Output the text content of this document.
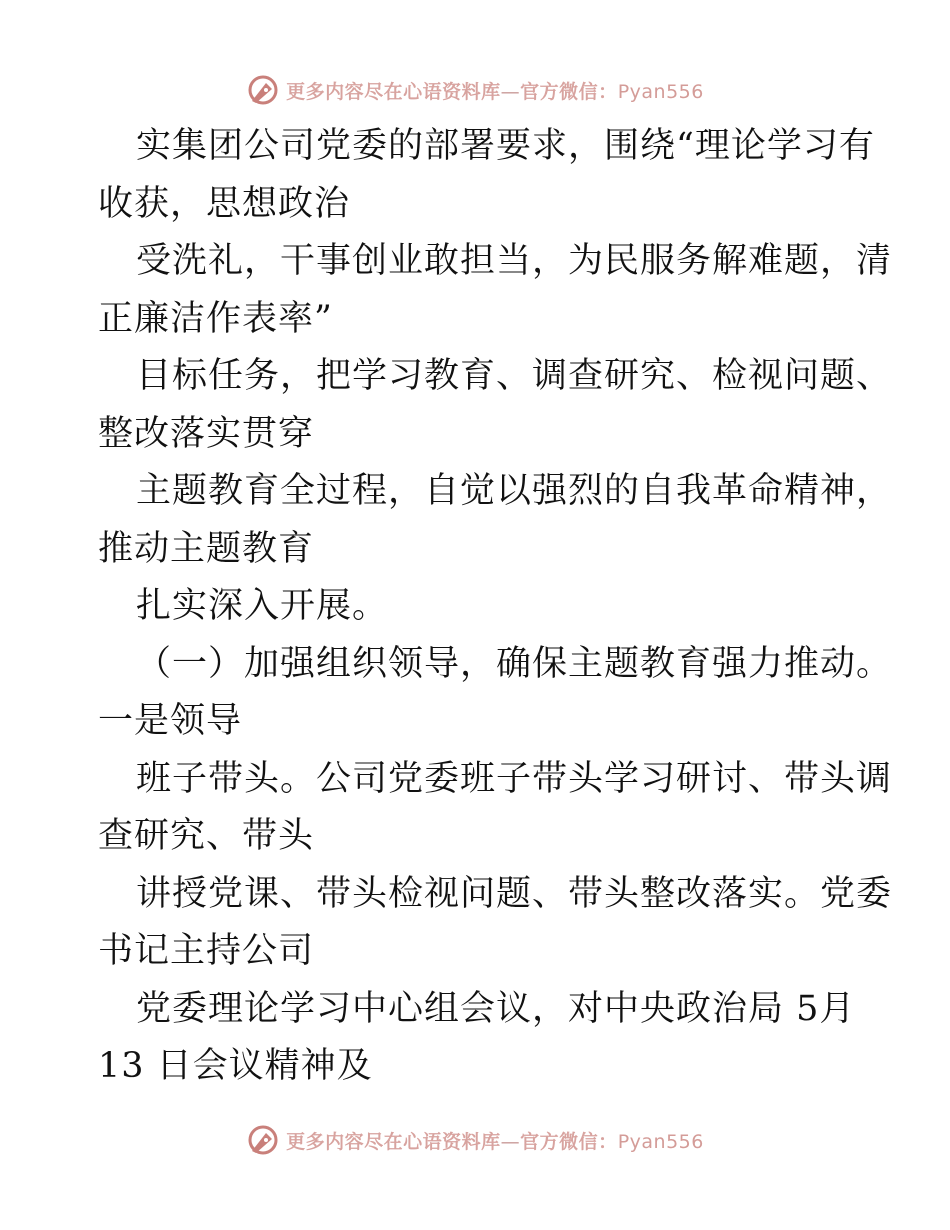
更多内容尽在心语资料库—官方微信：Pyan556
实集团公司党委的部署要求，围绕“理论学习有
收获，思想政治
受洗礼，干事创业敢担当，为民服务解难题，清
正廉洁作表率”
目标任务，把学习教育、调查研究、检视问题、
整改落实贯穿
主题教育全过程，自觉以强烈的自我革命精神，
推动主题教育
扎实深入开展。
（一）加强组织领导，确保主题教育强力推动。
一是领导
班子带头。公司党委班子带头学习研讨、带头调
查研究、带头
讲授党课、带头检视问题、带头整改落实。党委
书记主持公司
党委理论学习中心组会议，对中央政治局 5月
13 日会议精神及
更多内容尽在心语资料库—官方微信：Pyan556
